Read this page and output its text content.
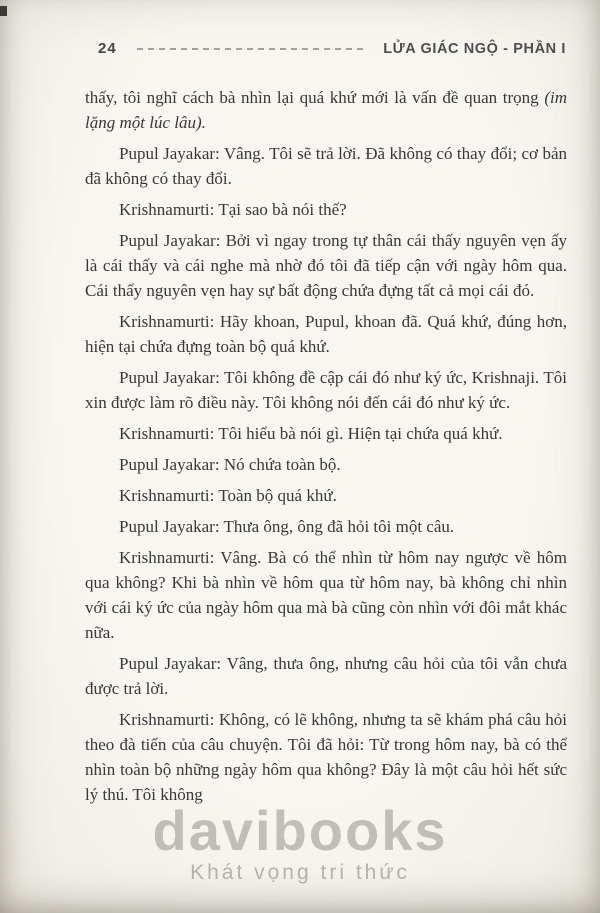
24	LỬA GIÁC NGỘ - PHẦN I
davibooks
Khát vọng tri thức

thấy, tôi nghĩ cách bà nhìn lại quá khứ mới là vấn đề quan trọng (im lặng một lúc lâu).

Pupul Jayakar: Vâng. Tôi sẽ trả lời. Đã không có thay đổi; cơ bản đã không có thay đổi.

Krishnamurti: Tại sao bà nói thế?

Pupul Jayakar: Bởi vì ngay trong tự thân cái thấy nguyên vẹn ấy là cái thấy và cái nghe mà nhờ đó tôi đã tiếp cận với ngày hôm qua. Cái thấy nguyên vẹn hay sự bất động chứa đựng tất cả mọi cái đó.

Krishnamurti: Hãy khoan, Pupul, khoan đã. Quá khứ, đúng hơn, hiện tại chứa đựng toàn bộ quá khứ.

Pupul Jayakar: Tôi không đề cập cái đó như ký ức, Krishnaji. Tôi xin được làm rõ điều này. Tôi không nói đến cái đó như ký ức.

Krishnamurti: Tôi hiểu bà nói gì. Hiện tại chứa quá khứ.

Pupul Jayakar: Nó chứa toàn bộ.

Krishnamurti: Toàn bộ quá khứ.

Pupul Jayakar: Thưa ông, ông đã hỏi tôi một câu.

Krishnamurti: Vâng. Bà có thể nhìn từ hôm nay ngược về hôm qua không? Khi bà nhìn về hôm qua từ hôm nay, bà không chỉ nhìn với cái ký ức của ngày hôm qua mà bà cũng còn nhìn với đôi mắt khác nữa.

Pupul Jayakar: Vâng, thưa ông, nhưng câu hỏi của tôi vẫn chưa được trả lời.

Krishnamurti: Không, có lẽ không, nhưng ta sẽ khám phá câu hỏi theo đà tiến của câu chuyện. Tôi đã hỏi: Từ trong hôm nay, bà có thể nhìn toàn bộ những ngày hôm qua không? Đây là một câu hỏi hết sức lý thú. Tôi không
